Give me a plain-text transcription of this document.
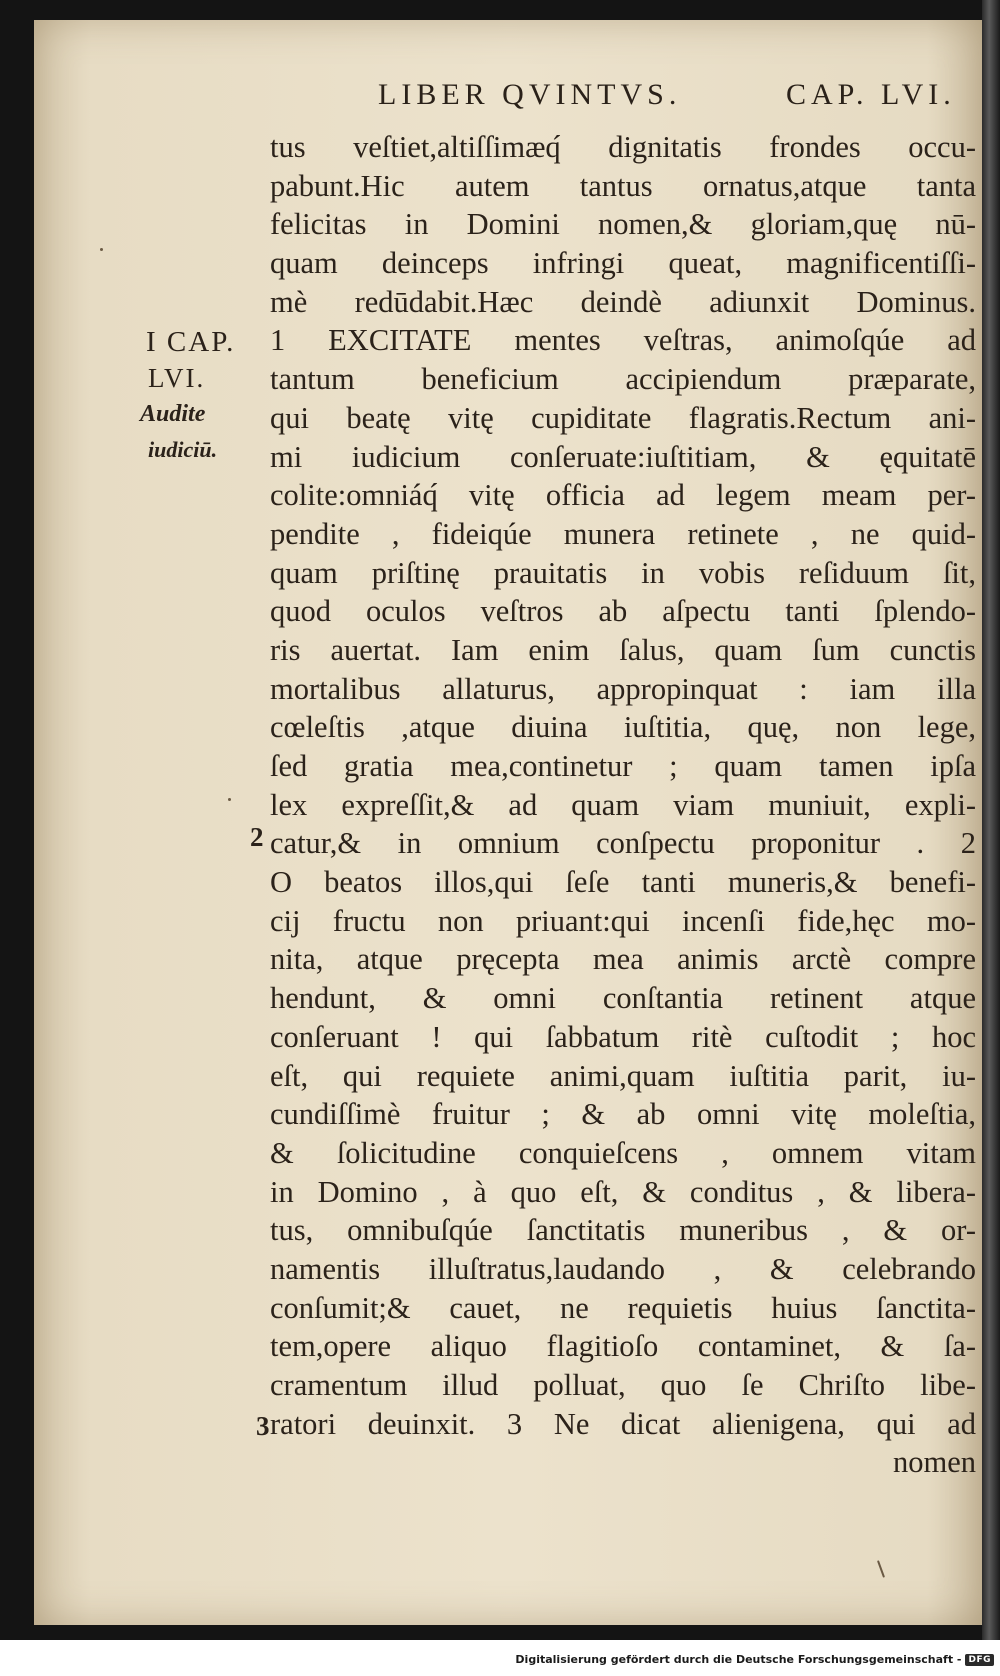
LIBER QVINTVS.	CAP. LVI.
I CAP.
LVI.
Audite
iudiciū.
2
3
tus veſtiet,altiſſimæq́ dignitatis frondes occu-
pabunt.Hic autem tantus ornatus,atque tanta
felicitas in Domini nomen,& gloriam,quę nū-
quam deinceps infringi queat, magnificentiſſi-
mè redūdabit.Hæc deindè adiunxit Dominus.
1 EXCITATE mentes veſtras, animoſqúe ad
tantum beneficium accipiendum præparate,
qui beatę vitę cupiditate flagratis.Rectum ani-
mi iudicium conſeruate:iuſtitiam, & ęquitatē
colite:omniáq́ vitę officia ad legem meam per-
pendite , fideiqúe munera retinete , ne quid-
quam priſtinę prauitatis in vobis reſiduum ſit,
quod oculos veſtros ab aſpectu tanti ſplendo-
ris auertat. Iam enim ſalus, quam ſum cunctis
mortalibus allaturus, appropinquat : iam illa
cœleſtis ,atque diuina iuſtitia, quę, non lege,
ſed gratia mea,continetur ; quam tamen ipſa
lex expreſſit,& ad quam viam muniuit, expli-
catur,& in omnium conſpectu proponitur . 2
O beatos illos,qui ſeſe tanti muneris,& benefi-
cij fructu non priuant:qui incenſi fide,hęc mo-
nita, atque pręcepta mea animis arctè compre
hendunt, & omni conſtantia retinent atque
conſeruant ! qui ſabbatum ritè cuſtodit ; hoc
eſt, qui requiete animi,quam iuſtitia parit, iu-
cundiſſimè fruitur ; & ab omni vitę moleſtia,
& ſolicitudine conquieſcens , omnem vitam
in Domino , à quo eſt, & conditus , & libera-
tus, omnibuſqúe ſanctitatis muneribus , & or-
namentis illuſtratus,laudando , & celebrando
conſumit;& cauet, ne requietis huius ſanctita-
tem,opere aliquo flagitioſo contaminet, & ſa-
cramentum illud polluat, quo ſe Chriſto libe-
ratori deuinxit. 3 Ne dicat alienigena, qui ad
nomen
Digitalisierung gefördert durch die Deutsche Forschungsgemeinschaft - DFG
